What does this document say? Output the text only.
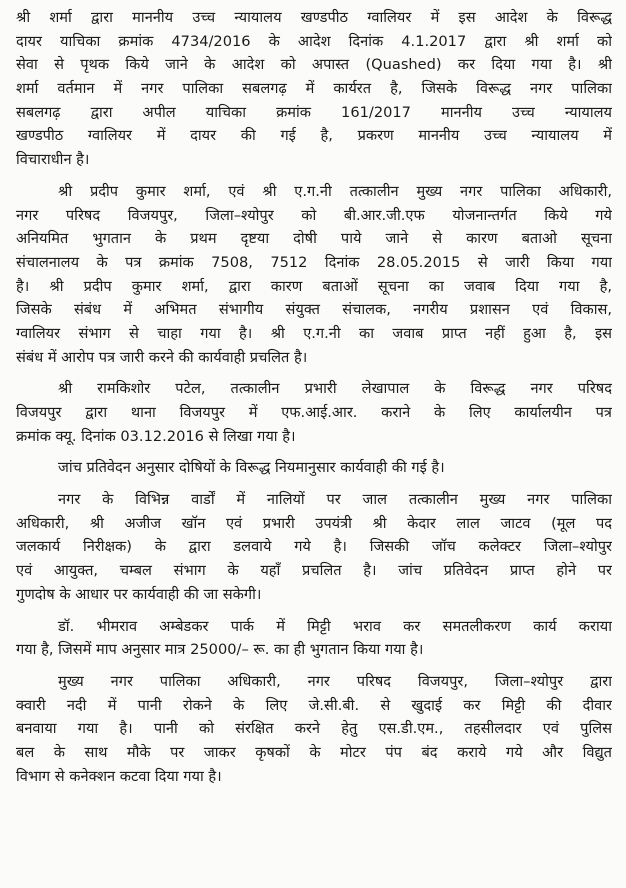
श्री शर्मा द्वारा माननीय उच्च न्यायालय खण्डपीठ ग्वालियर में इस आदेश के विरूद्ध
दायर याचिका क्रमांक 4734/2016 के आदेश दिनांक 4.1.2017 द्वारा श्री शर्मा को
सेवा से पृथक किये जाने के आदेश को अपास्त (Quashed) कर दिया गया है। श्री
शर्मा वर्तमान में नगर पालिका सबलगढ़ में कार्यरत है, जिसके विरूद्ध नगर पालिका
सबलगढ़ द्वारा अपील याचिका क्रमांक 161/2017 माननीय उच्च न्यायालय
खण्डपीठ ग्वालियर में दायर की गई है, प्रकरण माननीय उच्च न्यायालय में
विचाराधीन है।
श्री प्रदीप कुमार शर्मा, एवं श्री ए.ग.नी तत्कालीन मुख्य नगर पालिका अधिकारी,
नगर परिषद विजयपुर, जिला–श्योपुर को बी.आर.जी.एफ योजनान्तर्गत किये गये
अनियमित भुगतान के प्रथम दृष्टया दोषी पाये जाने से कारण बताओ सूचना
संचालनालय के पत्र क्रमांक 7508, 7512 दिनांक 28.05.2015 से जारी किया गया
है। श्री प्रदीप कुमार शर्मा, द्वारा कारण बताओं सूचना का जवाब दिया गया है,
जिसके संबंध में अभिमत संभागीय संयुक्त संचालक, नगरीय प्रशासन एवं विकास,
ग्वालियर संभाग से चाहा गया है। श्री ए.ग.नी का जवाब प्राप्त नहीं हुआ है, इस
संबंध में आरोप पत्र जारी करने की कार्यवाही प्रचलित है।
श्री रामकिशोर पटेल, तत्कालीन प्रभारी लेखापाल के विरूद्ध नगर परिषद
विजयपुर द्वारा थाना विजयपुर में एफ.आई.आर. कराने के लिए कार्यालयीन पत्र
क्रमांक क्यू. दिनांक 03.12.2016 से लिखा गया है।
जांच प्रतिवेदन अनुसार दोषियों के विरूद्ध नियमानुसार कार्यवाही की गई है।
नगर के विभिन्न वार्डों में नालियों पर जाल तत्कालीन मुख्य नगर पालिका
अधिकारी, श्री अजीज खॉन एवं प्रभारी उपयंत्री श्री केदार लाल जाटव (मूल पद
जलकार्य निरीक्षक) के द्वारा डलवाये गये है। जिसकी जॉच कलेक्टर जिला–श्योपुर
एवं आयुक्त, चम्बल संभाग के यहाँ प्रचलित है। जांच प्रतिवेदन प्राप्त होने पर
गुणदोष के आधार पर कार्यवाही की जा सकेगी।
डॉ. भीमराव अम्बेडकर पार्क में मिट्टी भराव कर समतलीकरण कार्य कराया
गया है, जिसमें माप अनुसार मात्र 25000/– रू. का ही भुगतान किया गया है।
मुख्य नगर पालिका अधिकारी, नगर परिषद विजयपुर, जिला–श्योपुर द्वारा
क्वारी नदी में पानी रोकने के लिए जे.सी.बी. से खुदाई कर मिट्टी की दीवार
बनवाया गया है। पानी को संरक्षित करने हेतु एस.डी.एम., तहसीलदार एवं पुलिस
बल के साथ मौके पर जाकर कृषकों के मोटर पंप बंद कराये गये और विद्युत
विभाग से कनेक्शन कटवा दिया गया है।
